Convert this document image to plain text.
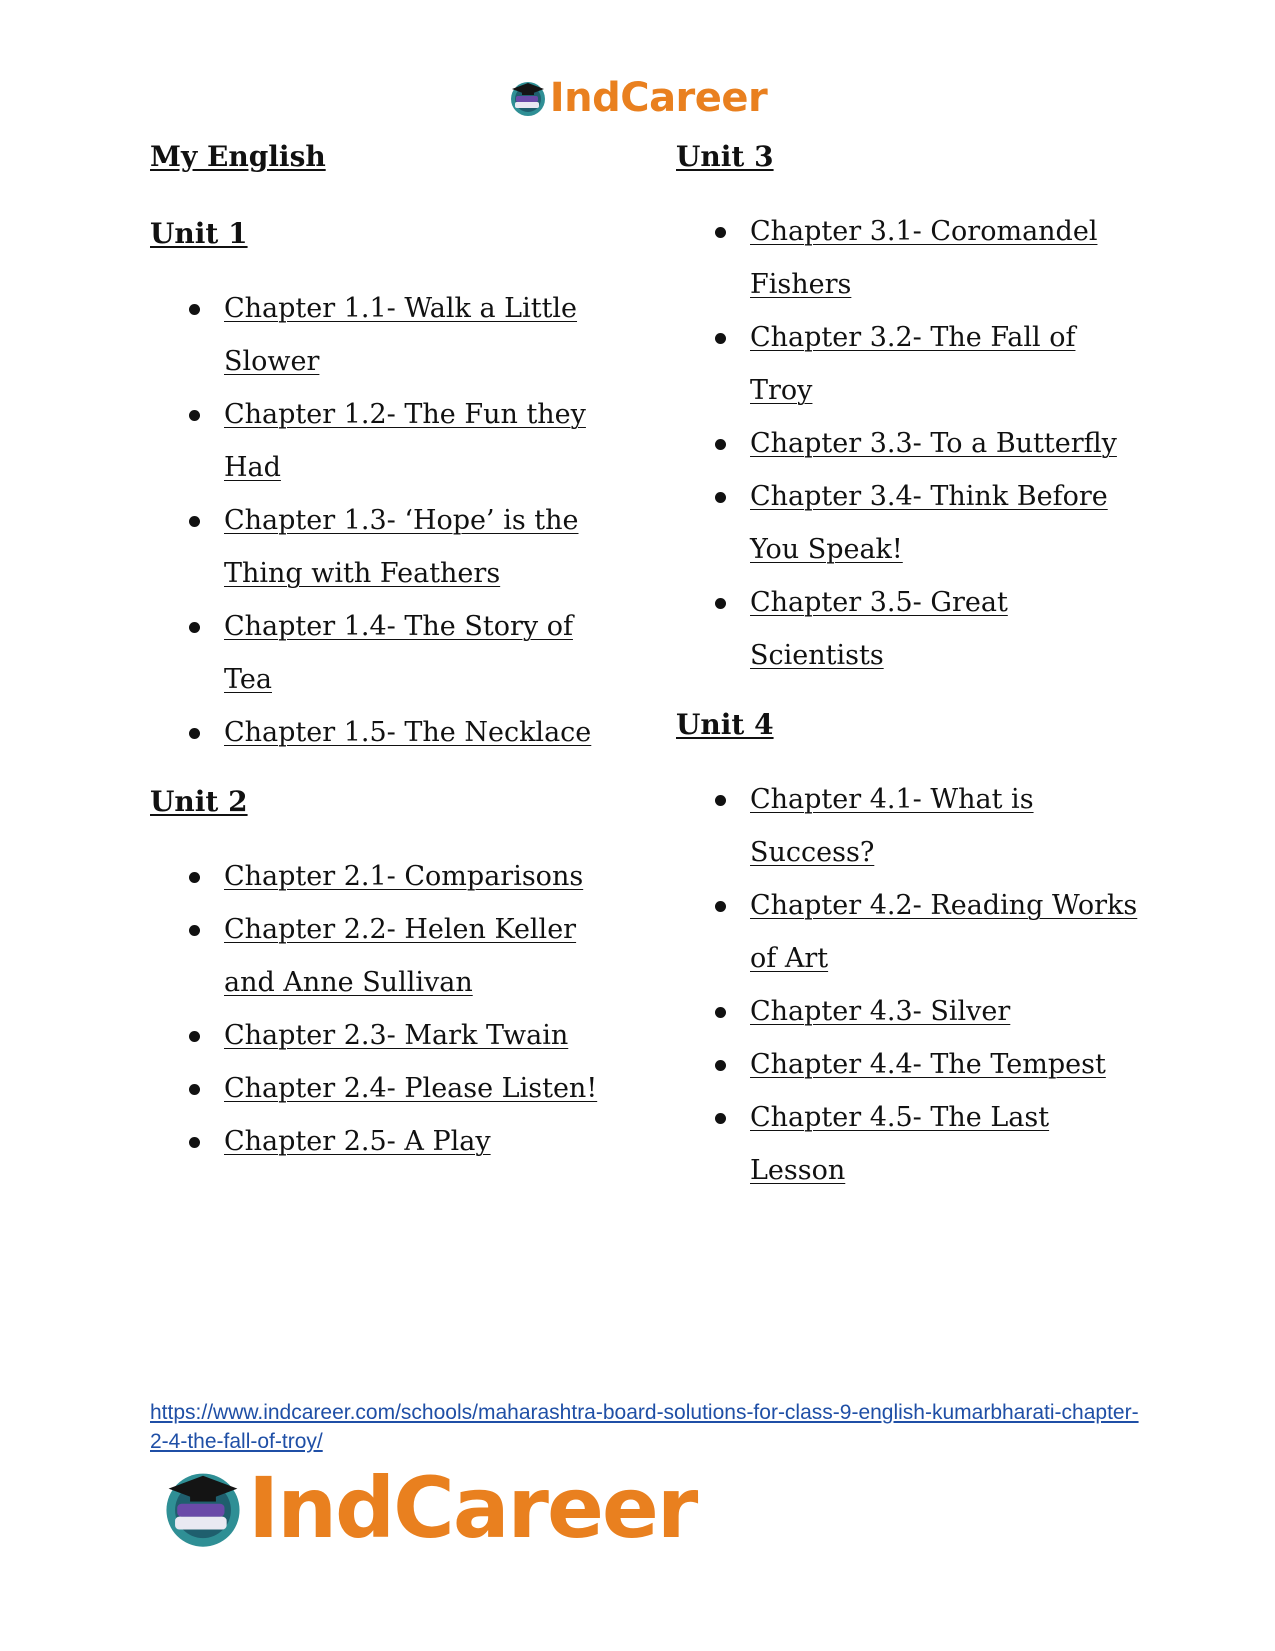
IndCareer
My English
Unit 1
Chapter 1.1- Walk a Little Slower
Chapter 1.2- The Fun they Had
Chapter 1.3- ‘Hope’ is the Thing with Feathers
Chapter 1.4- The Story of Tea
Chapter 1.5- The Necklace
Unit 2
Chapter 2.1- Comparisons
Chapter 2.2- Helen Keller and Anne Sullivan
Chapter 2.3- Mark Twain
Chapter 2.4- Please Listen!
Chapter 2.5- A Play
Unit 3
Chapter 3.1- Coromandel Fishers
Chapter 3.2- The Fall of Troy
Chapter 3.3- To a Butterfly
Chapter 3.4- Think Before You Speak!
Chapter 3.5- Great Scientists
Unit 4
Chapter 4.1- What is Success?
Chapter 4.2- Reading Works of Art
Chapter 4.3- Silver
Chapter 4.4- The Tempest
Chapter 4.5- The Last Lesson
https://www.indcareer.com/schools/maharashtra-board-solutions-for-class-9-english-kumarbharati-chapter-2-4-the-fall-of-troy/
IndCareer
